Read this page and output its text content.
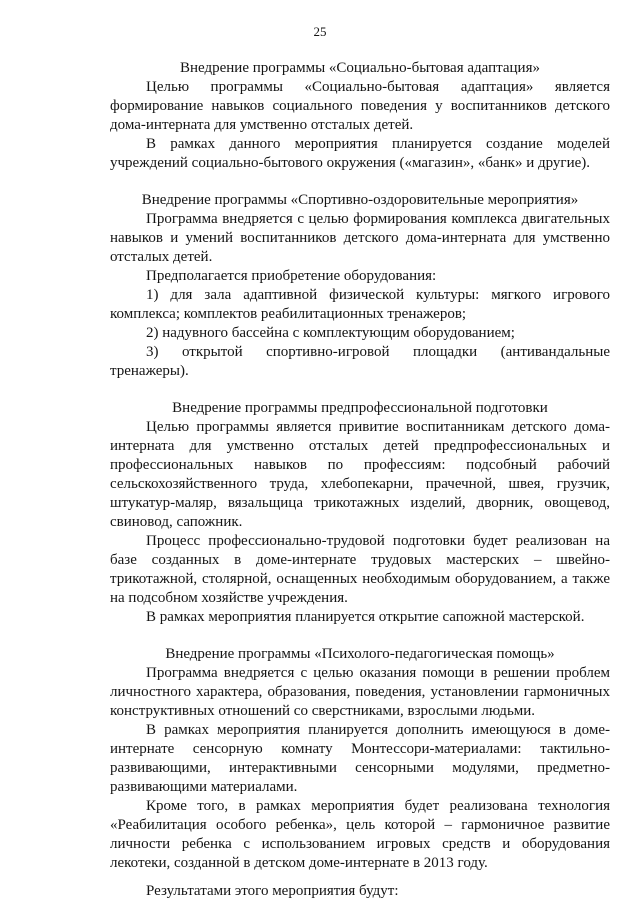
25

Внедрение программы «Социально-бытовая адаптация»

Целью программы «Социально-бытовая адаптация» является формирование навыков социального поведения у воспитанников детского дома-интерната для умственно отсталых детей.

В рамках данного мероприятия планируется создание моделей учреждений социально-бытового окружения («магазин», «банк» и другие).

Внедрение программы «Спортивно-оздоровительные мероприятия»

Программа внедряется с целью формирования комплекса двигательных навыков и умений воспитанников детского дома-интерната для умственно отсталых детей.

Предполагается приобретение оборудования:

1) для зала адаптивной физической культуры: мягкого игрового комплекса; комплектов реабилитационных тренажеров;

2) надувного бассейна с комплектующим оборудованием;

3) открытой спортивно-игровой площадки (антивандальные тренажеры).

Внедрение программы предпрофессиональной подготовки

Целью программы является привитие воспитанникам детского дома-интерната для умственно отсталых детей предпрофессиональных и профессиональных навыков по профессиям: подсобный рабочий сельскохозяйственного труда, хлебопекарни, прачечной, швея, грузчик, штукатур-маляр, вязальщица трикотажных изделий, дворник, овощевод, свиновод, сапожник.

Процесс профессионально-трудовой подготовки будет реализован на базе созданных в доме-интернате трудовых мастерских – швейно-трикотажной, столярной, оснащенных необходимым оборудованием, а также на подсобном хозяйстве учреждения.

В рамках мероприятия планируется открытие сапожной мастерской.

Внедрение программы «Психолого-педагогическая помощь»

Программа внедряется с целью оказания помощи в решении проблем личностного характера, образования, поведения, установлении гармоничных конструктивных отношений со сверстниками, взрослыми людьми.

В рамках мероприятия планируется дополнить имеющуюся в доме-интернате сенсорную комнату Монтессори-материалами: тактильно-развивающими, интерактивными сенсорными модулями, предметно-развивающими материалами.

Кроме того, в рамках мероприятия будет реализована технология «Реабилитация особого ребенка», цель которой – гармоничное развитие личности ребенка с использованием игровых средств и оборудования лекотеки, созданной в детском доме-интернате в 2013 году.

Результатами этого мероприятия будут:
